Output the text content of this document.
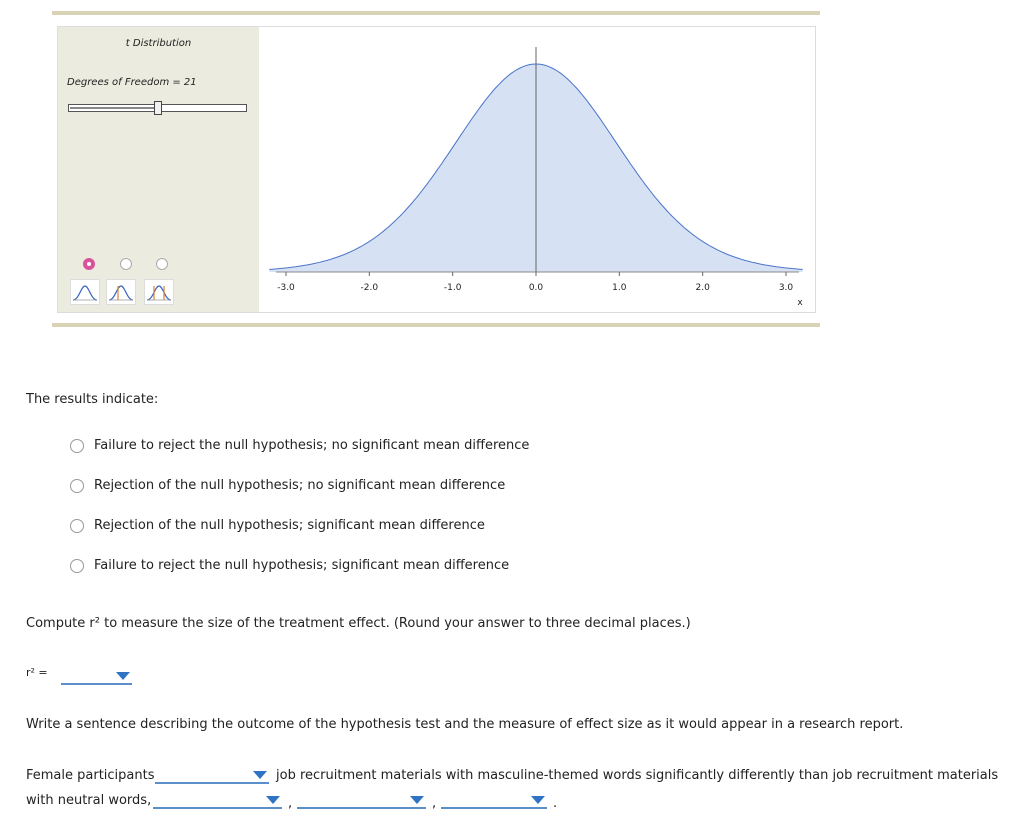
t Distribution
Degrees of Freedom = 21
-3.0	-2.0	-1.0	0.0	1.0	2.0	3.0
x
The results indicate:
Failure to reject the null hypothesis; no significant mean difference
Rejection of the null hypothesis; no significant mean difference
Rejection of the null hypothesis; significant mean difference
Failure to reject the null hypothesis; significant mean difference
Compute r² to measure the size of the treatment effect. (Round your answer to three decimal places.)
r² =
Write a sentence describing the outcome of the hypothesis test and the measure of effect size as it would appear in a research report.
Female participants	job recruitment materials with masculine-themed words significantly differently than job recruitment materials
with neutral words,	,	,	.
